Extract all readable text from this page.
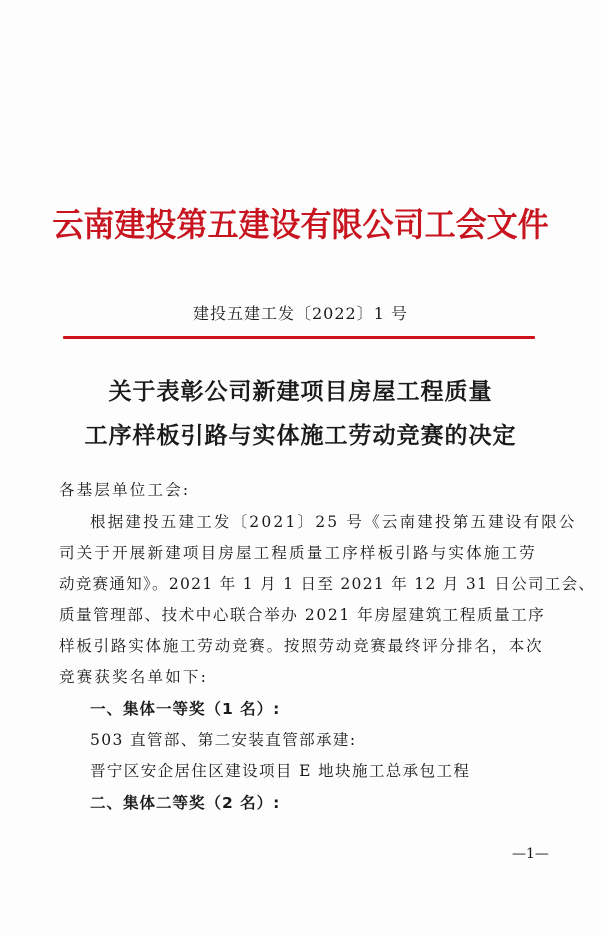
云南建投第五建设有限公司工会文件
建投五建工发〔2022〕1 号
关于表彰公司新建项目房屋工程质量
工序样板引路与实体施工劳动竞赛的决定
各基层单位工会:
根据建投五建工发〔2021〕25 号《云南建投第五建设有限公
司关于开展新建项目房屋工程质量工序样板引路与实体施工劳
动竞赛通知》。2021 年 1 月 1 日至 2021 年 12 月 31 日公司工会、
质量管理部、技术中心联合举办 2021 年房屋建筑工程质量工序
样板引路实体施工劳动竞赛。按照劳动竞赛最终评分排名，本次
竞赛获奖名单如下:
一、集体一等奖（1 名）:
503 直管部、第二安装直管部承建:
晋宁区安企居住区建设项目 E 地块施工总承包工程
二、集体二等奖（2 名）:
—1—
